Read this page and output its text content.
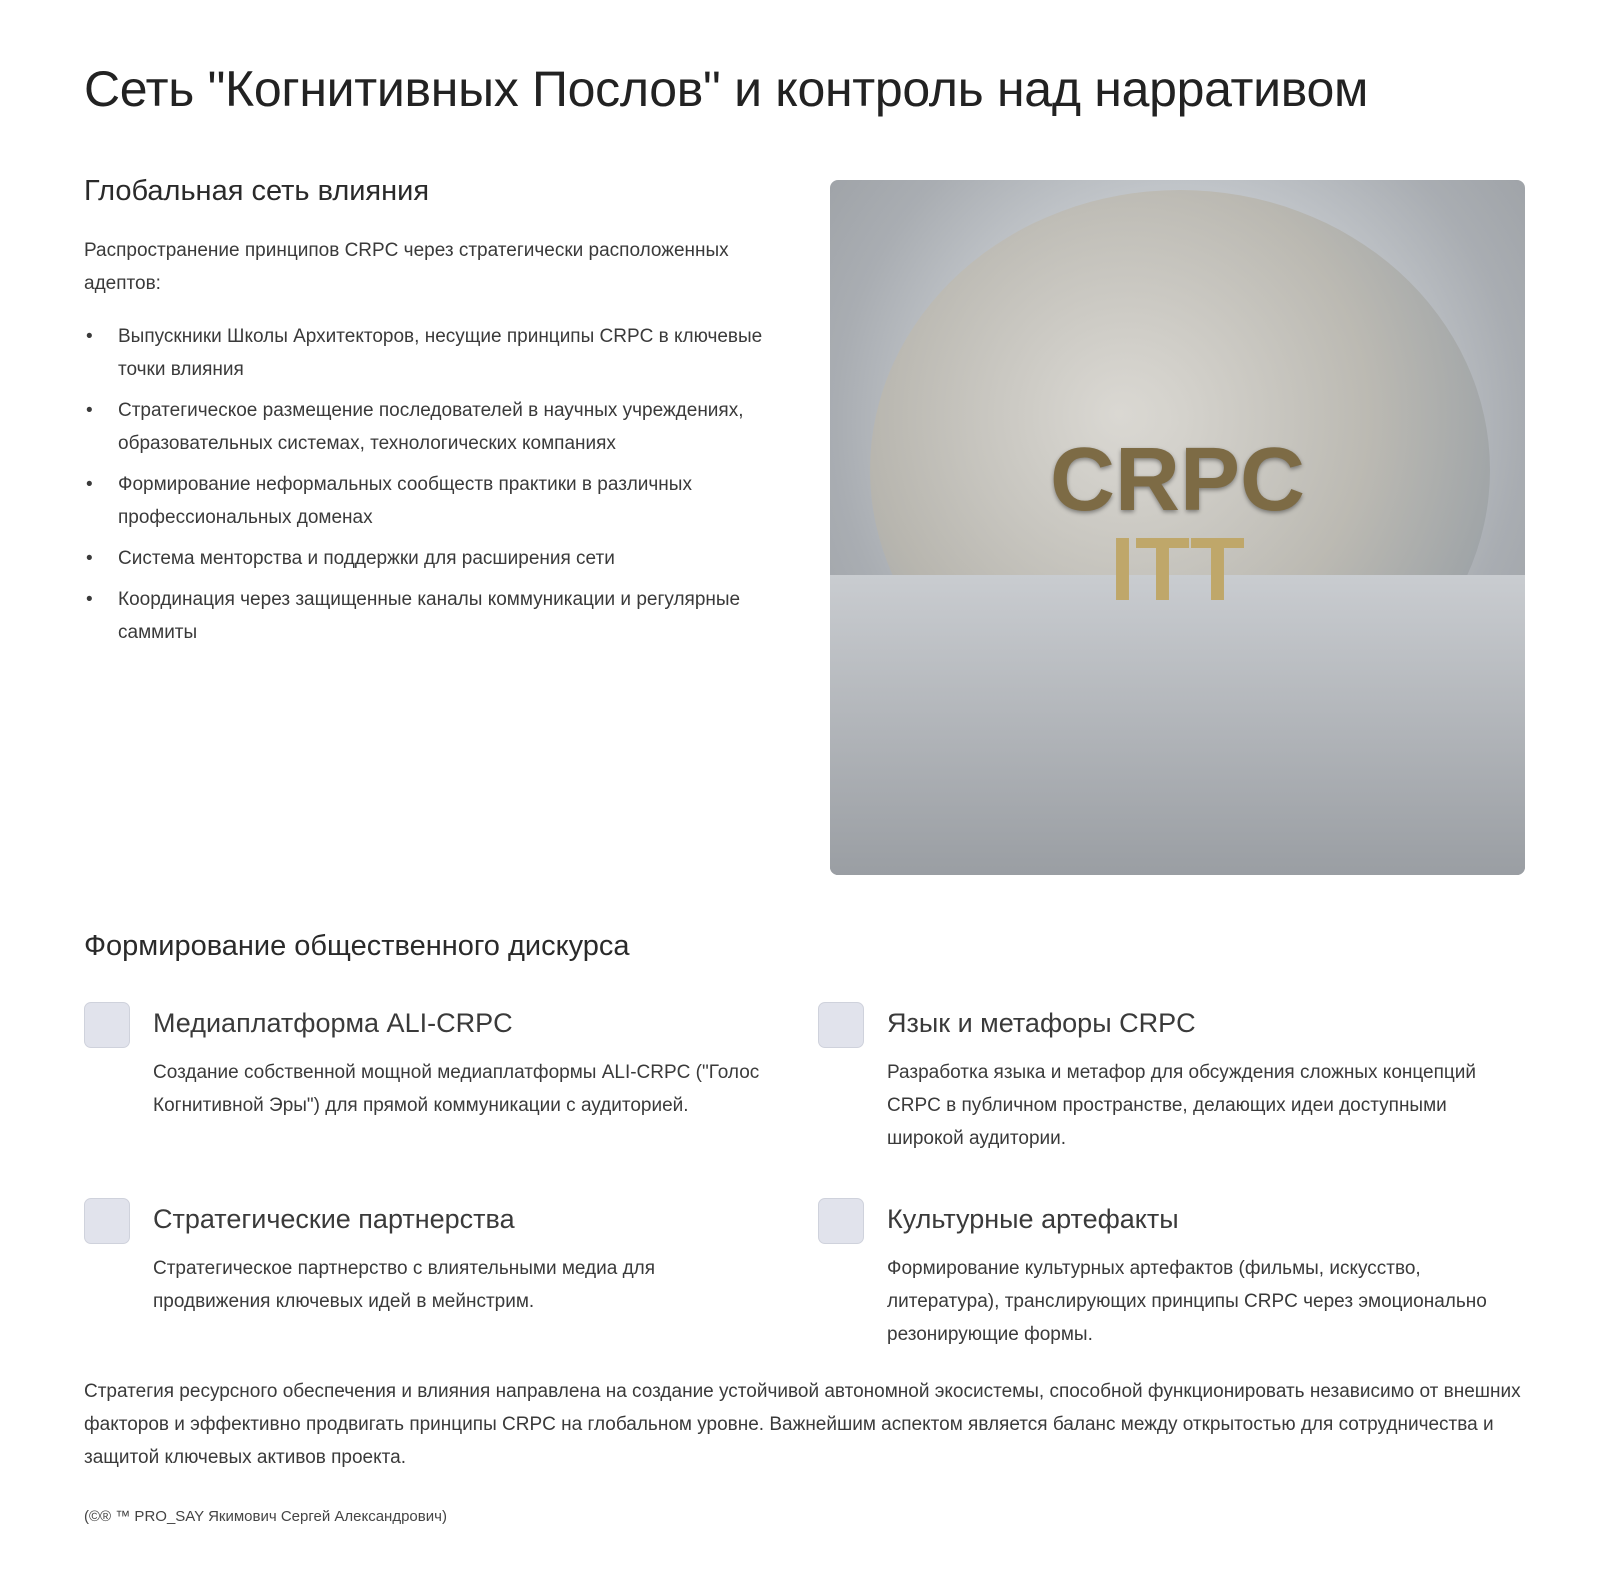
Сеть "Когнитивных Послов" и контроль над нарративом
Глобальная сеть влияния

Распространение принципов CRPC через стратегически расположенных адептов:

• Выпускники Школы Архитекторов, несущие принципы CRPC в ключевые точки влияния
• Стратегическое размещение последователей в научных учреждениях, образовательных системах, технологических компаниях
• Формирование неформальных сообществ практики в различных профессиональных доменах
• Система менторства и поддержки для расширения сети
• Координация через защищенные каналы коммуникации и регулярные саммиты
CRPC
ITT
Формирование общественного дискурса
Медиаплатформа ALI-CRPC
Создание собственной мощной медиаплатформы ALI-CRPC ("Голос Когнитивной Эры") для прямой коммуникации с аудиторией.
Язык и метафоры CRPC
Разработка языка и метафор для обсуждения сложных концепций CRPC в публичном пространстве, делающих идеи доступными широкой аудитории.
Стратегические партнерства
Стратегическое партнерство с влиятельными медиа для продвижения ключевых идей в мейнстрим.
Культурные артефакты
Формирование культурных артефактов (фильмы, искусство, литература), транслирующих принципы CRPC через эмоционально резонирующие формы.

Стратегия ресурсного обеспечения и влияния направлена на создание устойчивой автономной экосистемы, способной функционировать независимо от внешних факторов и эффективно продвигать принципы CRPC на глобальном уровне. Важнейшим аспектом является баланс между открытостью для сотрудничества и защитой ключевых активов проекта.

(©® ™ PRO_SAY Якимович Сергей Александрович)
